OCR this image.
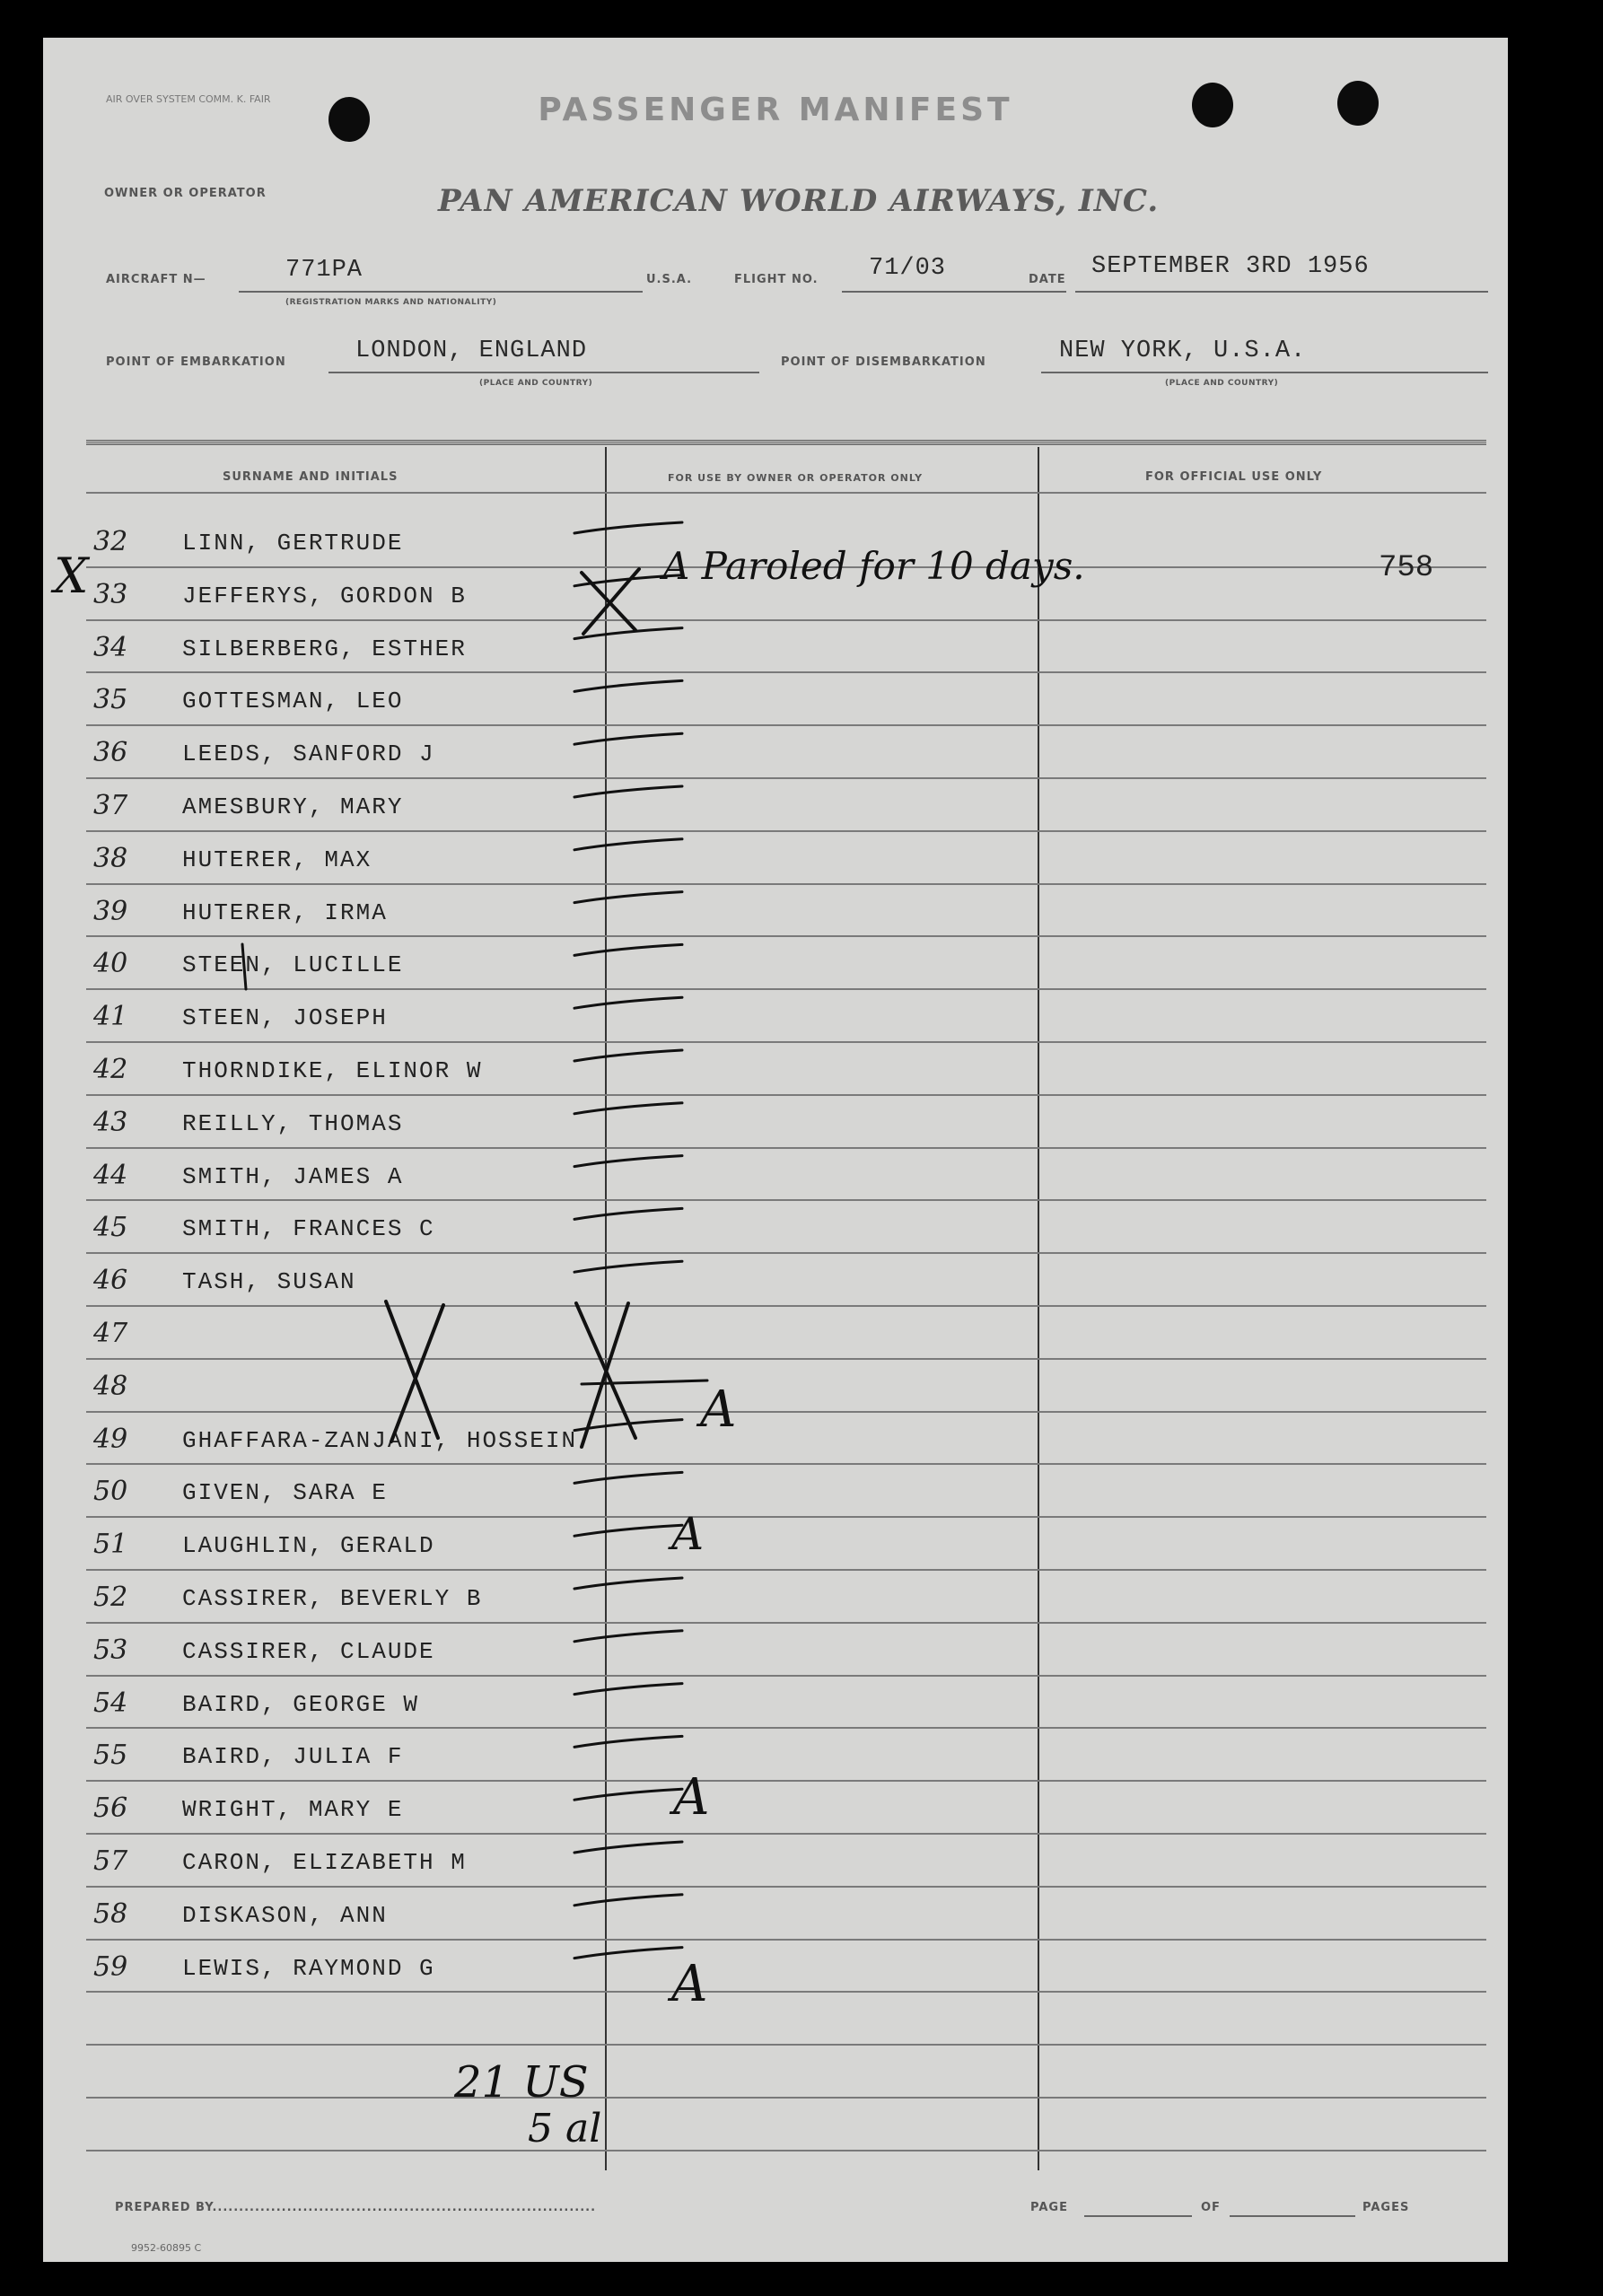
AIR OVER SYSTEM COMM. K. FAIR	PASSENGER MANIFEST
OWNER OR OPERATOR	PAN AMERICAN WORLD AIRWAYS, INC.
AIRCRAFT N—	771PA
(REGISTRATION MARKS AND NATIONALITY)
U.S.A.	FLIGHT NO. 71/03	DATE SEPTEMBER 3RD 1956
POINT OF EMBARKATION	LONDON, ENGLAND
(PLACE AND COUNTRY)
POINT OF DISEMBARKATION	NEW YORK, U.S.A.
(PLACE AND COUNTRY)
SURNAME AND INITIALS	FOR USE BY OWNER OR OPERATOR ONLY	FOR OFFICIAL USE ONLY
32	LINN, GERTRUDE
33	JEFFERYS, GORDON B
34	SILBERBERG, ESTHER
35	GOTTESMAN, LEO
36	LEEDS, SANFORD J
37	AMESBURY, MARY
38	HUTERER, MAX
39	HUTERER, IRMA
40	STEEN, LUCILLE
41	STEEN, JOSEPH
42	THORNDIKE, ELINOR W
43	REILLY, THOMAS
44	SMITH, JAMES A
45	SMITH, FRANCES C
46	TASH, SUSAN
47
48
49	GHAFFARA-ZANJANI, HOSSEIN
50	GIVEN, SARA E
51	LAUGHLIN, GERALD
52	CASSIRER, BEVERLY B
53	CASSIRER, CLAUDE
54	BAIRD, GEORGE W
55	BAIRD, JULIA F
56	WRIGHT, MARY E
57	CARON, ELIZABETH M
58	DISKASON, ANN
59	LEWIS, RAYMOND G
A Paroled for 10 days.	758
A
A
A
A
X
21 US
5 al
PREPARED BY........................................................................	PAGE	OF	PAGES
9952-60895 C
